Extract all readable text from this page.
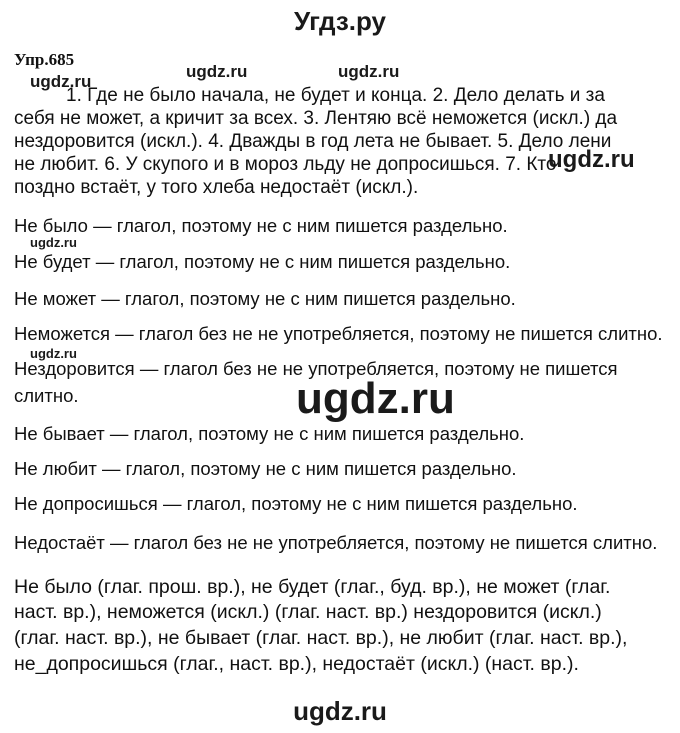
Угдз.ру
Упр.685
ugdz.ru
ugdz.ru	ugdz.ru
ugdz.ru
ugdz.ru
ugdz.ru
ugdz.ru
1. Где не было начала, не будет и конца. 2. Дело делать и за
себя не может, а кричит за всех. 3. Лентяю всё неможется (искл.) да
нездоровится (искл.). 4. Дважды в год лета не бывает. 5. Дело лени
не любит. 6. У скупого и в мороз льду не допросишься. 7. Кто
поздно встаёт, у того хлеба недостаёт (искл.).
Не было — глагол, поэтому не с ним пишется раздельно.
Не будет — глагол, поэтому не с ним пишется раздельно.
Не может — глагол, поэтому не с ним пишется раздельно.
Неможется — глагол без не не употребляется, поэтому не пишется слитно.
Нездоровится — глагол без не не употребляется, поэтому не пишется
слитно.
Не бывает — глагол, поэтому не с ним пишется раздельно.
Не любит — глагол, поэтому не с ним пишется раздельно.
Не допросишься — глагол, поэтому не с ним пишется раздельно.
Недостаёт — глагол без не не употребляется, поэтому не пишется слитно.
Не было (глаг. прош. вр.), не будет (глаг., буд. вр.), не может (глаг.
наст. вр.), неможется (искл.) (глаг. наст. вр.) нездоровится (искл.)
(глаг. наст. вр.), не бывает (глаг. наст. вр.), не любит (глаг. наст. вр.),
не_допросишься (глаг., наст. вр.), недостаёт (искл.) (наст. вр.).
ugdz.ru
